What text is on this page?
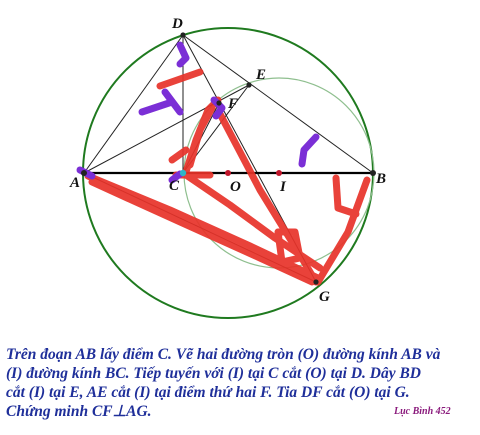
D
E
F
A	C	O	I	B
G

Trên đoạn AB lấy điểm C. Vẽ hai đường tròn (O) đường kính AB và

(I) đường kính BC. Tiếp tuyến với (I) tại C cắt (O) tại D. Dây BD

cắt (I) tại E, AE cắt (I) tại điểm thứ hai F. Tia DF cắt (O) tại G.

Chứng minh CF⊥AG.	Lục Bình 452
